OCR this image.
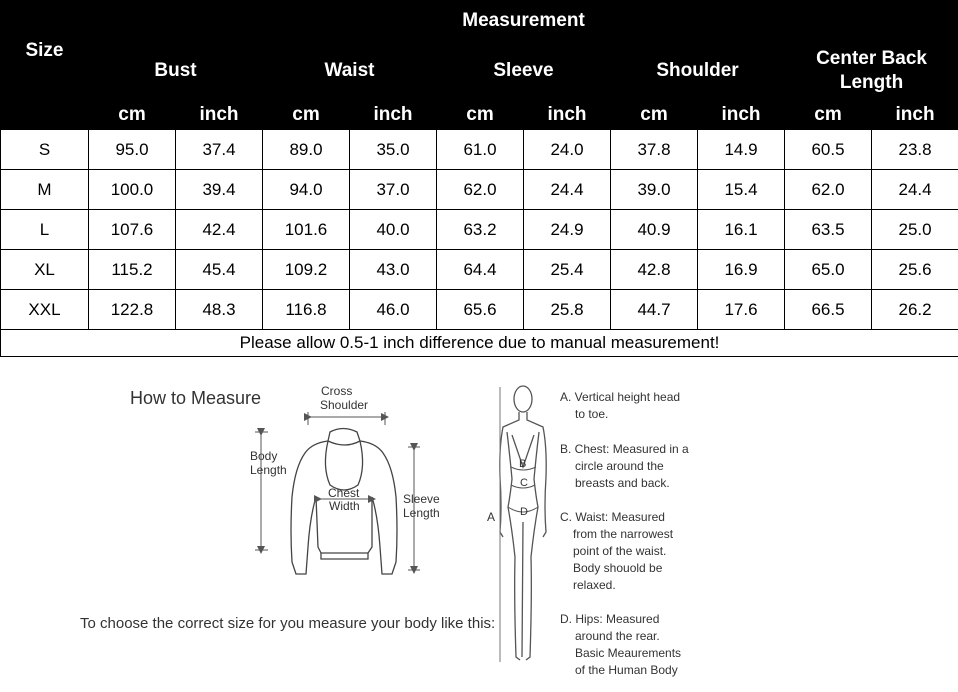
Size	Measurement									
	Bust		Waist		Sleeve		Shoulder		Center Back
Length	
	cm	inch	cm	inch	cm	inch	cm	inch	cm	inch
S	95.0	37.4	89.0	35.0	61.0	24.0	37.8	14.9	60.5	23.8
M	100.0	39.4	94.0	37.0	62.0	24.4	39.0	15.4	62.0	24.4
L	107.6	42.4	101.6	40.0	63.2	24.9	40.9	16.1	63.5	25.0
XL	115.2	45.4	109.2	43.0	64.4	25.4	42.8	16.9	65.0	25.6
XXL	122.8	48.3	116.8	46.0	65.6	25.8	44.7	17.6	66.5	26.2
Please allow 0.5-1 inch difference due to manual measurement!										
How to Measure	Cross
Shoulder
Body
Length
Chest
Width	Sleeve
Length
To choose the correct size for you measure your body like this:
B
C
D
A
A. Vertical height head
to toe.
B. Chest: Measured in a
circle around the
breasts and back.
C. Waist: Measured
from the narrowest
point of the waist.
Body shouold be
relaxed.
D. Hips: Measured
around the rear.
Basic Meaurements
of the Human Body
